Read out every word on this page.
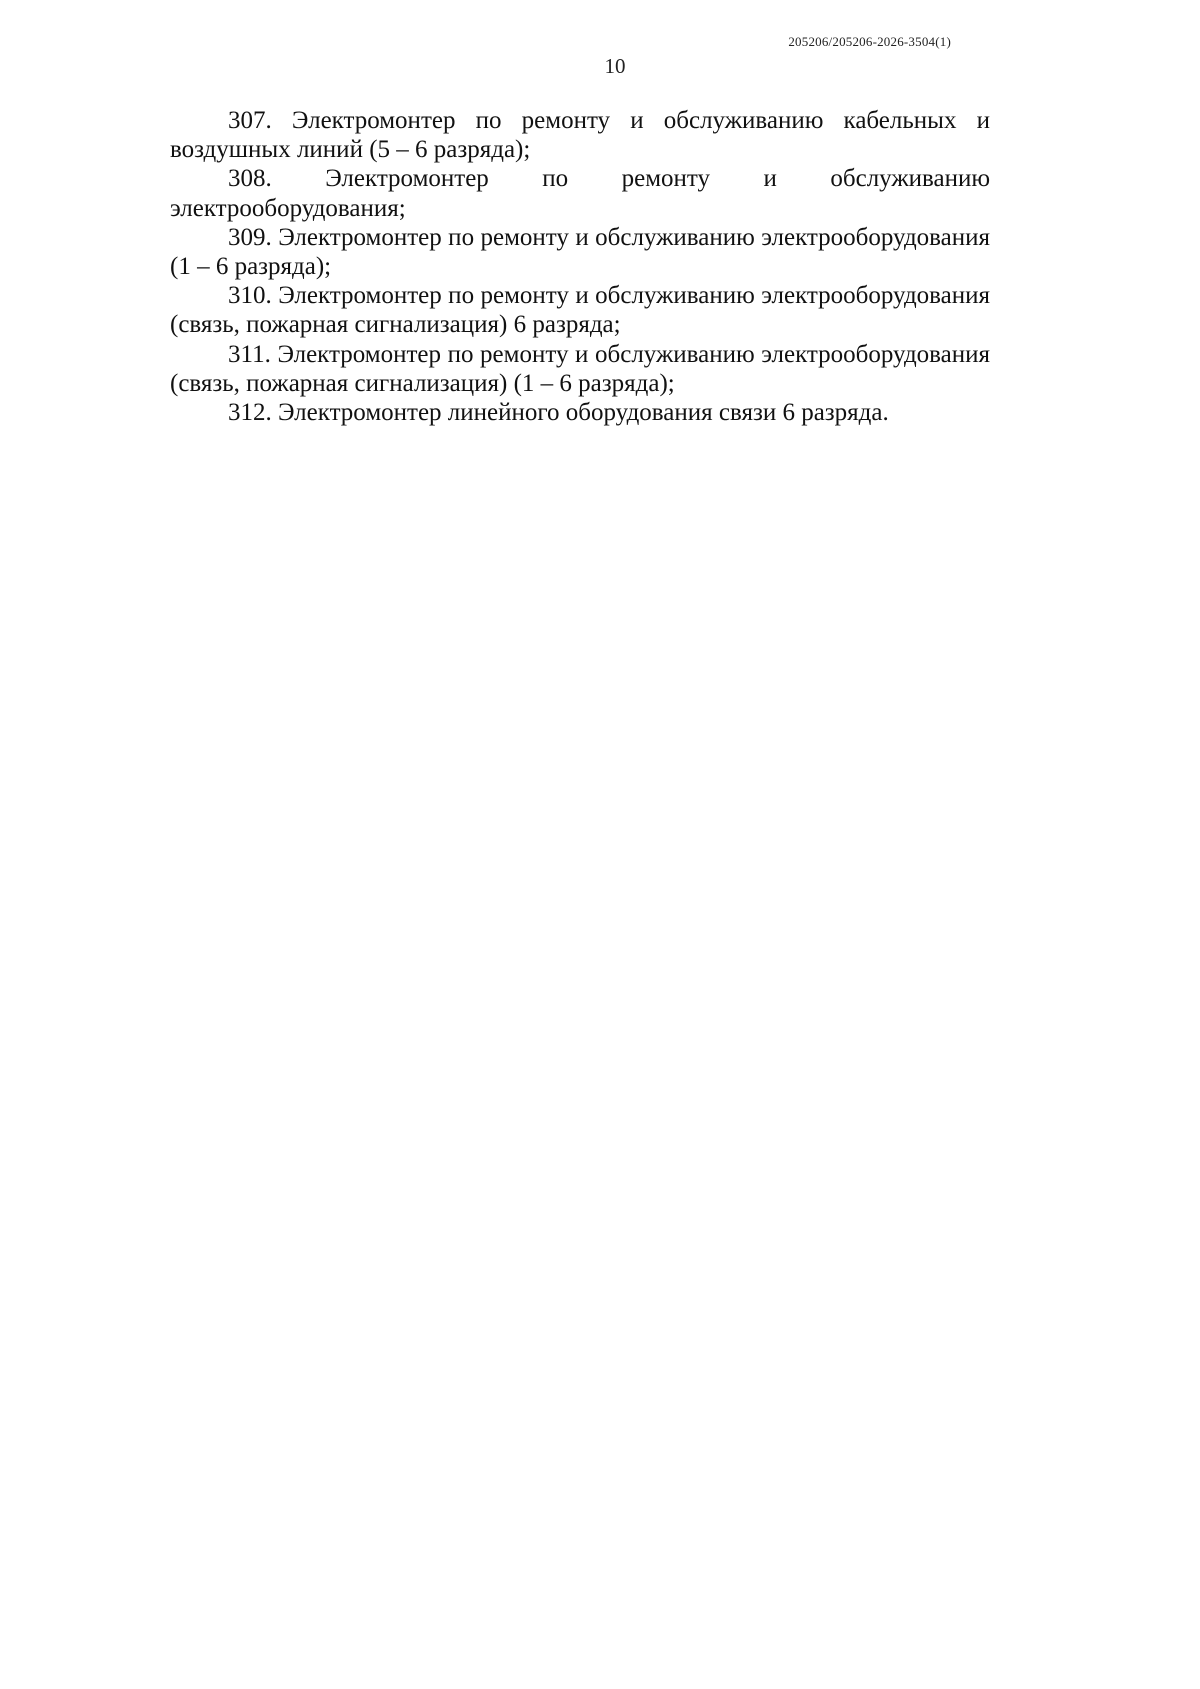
205206/205206-2026-3504(1)
10

307. Электромонтер по ремонту и обслуживанию кабельных и воздушных линий (5 – 6 разряда);

308. Электромонтер по ремонту и обслуживанию электрооборудования;

309. Электромонтер по ремонту и обслуживанию электрооборудования (1 – 6 разряда);

310. Электромонтер по ремонту и обслуживанию электрооборудования (связь, пожарная сигнализация) 6 разряда;

311. Электромонтер по ремонту и обслуживанию электрооборудования (связь, пожарная сигнализация) (1 – 6 разряда);

312. Электромонтер линейного оборудования связи 6 разряда.
